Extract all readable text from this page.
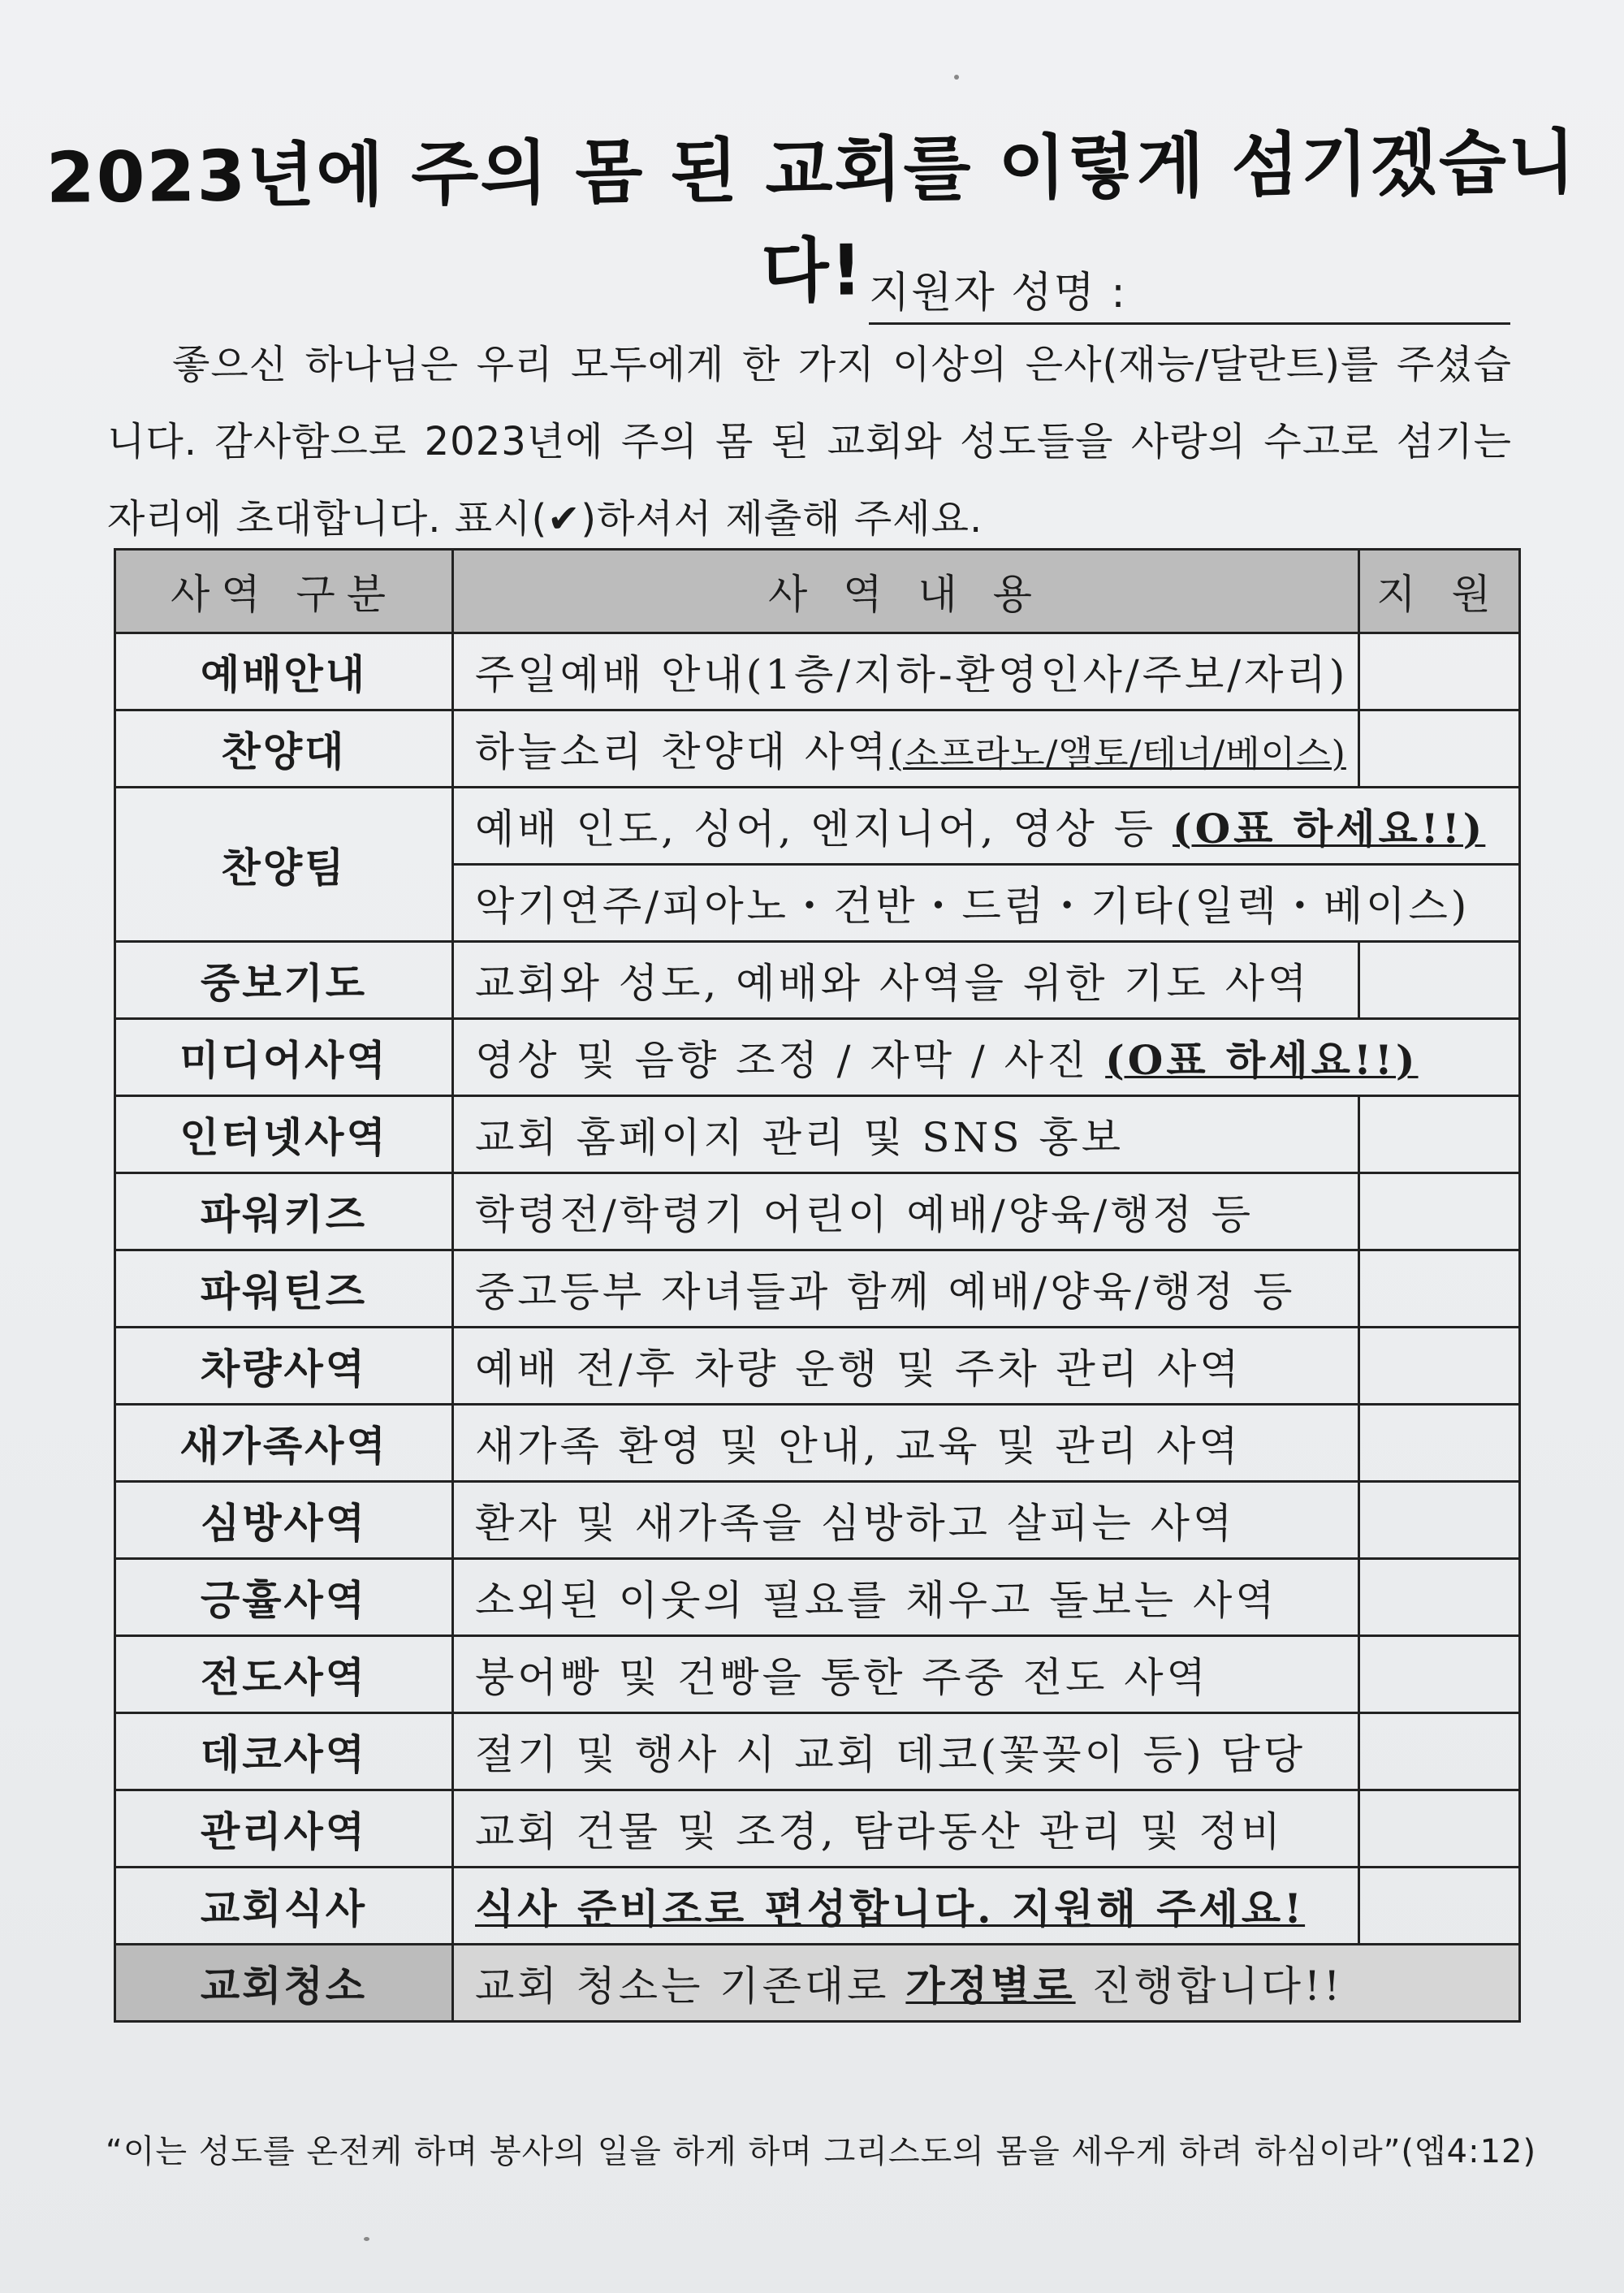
2023년에 주의 몸 된 교회를 이렇게 섬기겠습니다! 지원자 성명 :

좋으신 하나님은 우리 모두에게 한 가지 이상의 은사(재능/달란트)를 주셨습니다. 감사함으로 2023년에 주의 몸 된 교회와 성도들을 사랑의 수고로 섬기는 자리에 초대합니다. 표시(✔)하셔서 제출해 주세요.

사역 구분	사 역 내 용	지 원
예배안내	주일예배 안내(1층/지하-환영인사/주보/자리)	
찬양대	하늘소리 찬양대 사역(소프라노/앨토/테너/베이스)	
찬양팀	예배 인도, 싱어, 엔지니어, 영상 등 (O표 하세요!!)	
	악기연주/피아노・건반・드럼・기타(일렉・베이스)	
중보기도	교회와 성도, 예배와 사역을 위한 기도 사역	
미디어사역	영상 및 음향 조정 / 자막 / 사진 (O표 하세요!!)	
인터넷사역	교회 홈페이지 관리 및 SNS 홍보	
파워키즈	학령전/학령기 어린이 예배/양육/행정 등	
파워틴즈	중고등부 자녀들과 함께 예배/양육/행정 등	
차량사역	예배 전/후 차량 운행 및 주차 관리 사역	
새가족사역	새가족 환영 및 안내, 교육 및 관리 사역	
심방사역	환자 및 새가족을 심방하고 살피는 사역	
긍휼사역	소외된 이웃의 필요를 채우고 돌보는 사역	
전도사역	붕어빵 및 건빵을 통한 주중 전도 사역	
데코사역	절기 및 행사 시 교회 데코(꽃꽂이 등) 담당	
관리사역	교회 건물 및 조경, 탐라동산 관리 및 정비	
교회식사	식사 준비조로 편성합니다. 지원해 주세요!	
교회청소	교회 청소는 기존대로 가정별로 진행합니다!!	
“이는 성도를 온전케 하며 봉사의 일을 하게 하며 그리스도의 몸을 세우게 하려 하심이라”(엡4:12)
